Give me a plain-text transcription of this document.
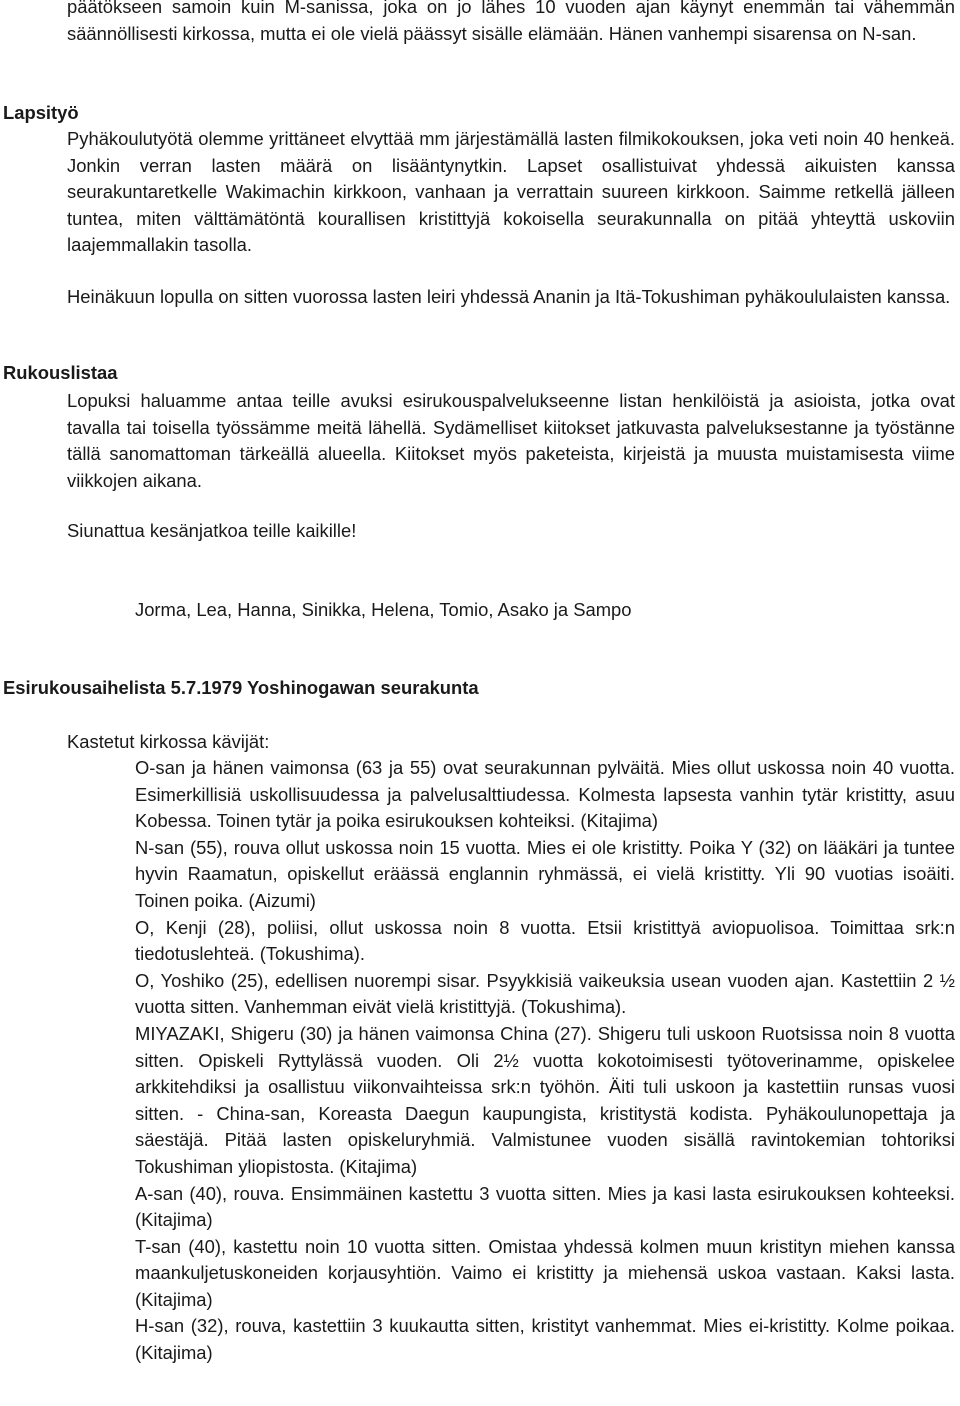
päätökseen samoin kuin M-sanissa, joka on jo lähes 10 vuoden ajan käynyt enemmän tai vähemmän säännöllisesti kirkossa, mutta ei ole vielä päässyt sisälle elämään. Hänen vanhempi sisarensa on N-san.

Lapsityö

Pyhäkoulutyötä olemme yrittäneet elvyttää mm järjestämällä lasten filmikokouksen, joka veti noin 40 henkeä. Jonkin verran lasten määrä on lisääntynytkin. Lapset osallistuivat yhdessä aikuisten kanssa seurakuntaretkelle Wakimachin kirkkoon, vanhaan ja verrattain suureen kirkkoon. Saimme retkellä jälleen tuntea, miten välttämätöntä kourallisen kristittyjä kokoisella seurakunnalla on pitää yhteyttä uskoviin laajemmallakin tasolla.

Heinäkuun lopulla on sitten vuorossa lasten leiri yhdessä Ananin ja Itä-Tokushiman pyhäkoululaisten kanssa.

Rukouslistaa

Lopuksi haluamme antaa teille avuksi esirukouspalvelukseenne listan henkilöistä ja asioista, jotka ovat tavalla tai toisella työssämme meitä lähellä. Sydämelliset kiitokset jatkuvasta palveluksestanne ja työstänne tällä sanomattoman tärkeällä alueella. Kiitokset myös paketeista, kirjeistä ja muusta muistamisesta viime viikkojen aikana.

Siunattua kesänjatkoa teille kaikille!
Jorma, Lea, Hanna, Sinikka, Helena, Tomio, Asako ja Sampo
Esirukousaihelista 5.7.1979 Yoshinogawan seurakunta
Kastetut kirkossa kävijät:

O-san ja hänen vaimonsa (63 ja 55) ovat seurakunnan pylväitä. Mies ollut uskossa noin 40 vuotta. Esimerkillisiä uskollisuudessa ja palvelusalttiudessa. Kolmesta lapsesta vanhin tytär kristitty, asuu Kobessa. Toinen tytär ja poika esirukouksen kohteiksi. (Kitajima)

N-san (55), rouva ollut uskossa noin 15 vuotta. Mies ei ole kristitty. Poika Y (32) on lääkäri ja tuntee hyvin Raamatun, opiskellut eräässä englannin ryhmässä, ei vielä kristitty. Yli 90 vuotias isoäiti. Toinen poika. (Aizumi)

O, Kenji (28), poliisi, ollut uskossa noin 8 vuotta. Etsii kristittyä aviopuolisoa. Toimittaa srk:n tiedotuslehteä. (Tokushima).

O, Yoshiko (25), edellisen nuorempi sisar. Psyykkisiä vaikeuksia usean vuoden ajan. Kastettiin 2 ½ vuotta sitten. Vanhemman eivät vielä kristittyjä. (Tokushima).

MIYAZAKI, Shigeru (30) ja hänen vaimonsa China (27). Shigeru tuli uskoon Ruotsissa noin 8 vuotta sitten. Opiskeli Ryttylässä vuoden. Oli 2½ vuotta kokotoimisesti työtoverinamme, opiskelee arkkitehdiksi ja osallistuu viikonvaihteissa srk:n työhön. Äiti tuli uskoon ja kastettiin runsas vuosi sitten. - China-san, Koreasta Daegun kaupungista, kristitystä kodista. Pyhäkoulunopettaja ja säestäjä. Pitää lasten opiskeluryhmiä. Valmistunee vuoden sisällä ravintokemian tohtoriksi Tokushiman yliopistosta. (Kitajima)

A-san (40), rouva. Ensimmäinen kastettu 3 vuotta sitten. Mies ja kasi lasta esirukouksen kohteeksi. (Kitajima)

T-san (40), kastettu noin 10 vuotta sitten. Omistaa yhdessä kolmen muun kristityn miehen kanssa maankuljetuskoneiden korjausyhtiön. Vaimo ei kristitty ja miehensä uskoa vastaan. Kaksi lasta. (Kitajima)

H-san (32), rouva, kastettiin 3 kuukautta sitten, kristityt vanhemmat. Mies ei-kristitty. Kolme poikaa. (Kitajima)
